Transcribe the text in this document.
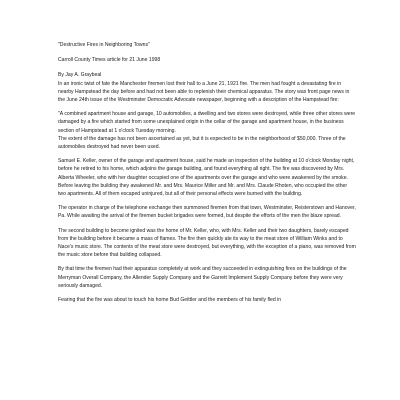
"Destructive Fires in Neighboring Towns"

Carroll County Times article for 21 June 1998

By Jay A. Graybeal

In an ironic twist of fate the Manchester firemen lost their hall to a June 21, 1921 fire. The men had fought a devastating fire in nearby Hampstead the day before and had not been able to replenish their chemical apparatus. The story was front page news in the June 24th issue of the Westminster Democratic Advocate newspaper, beginning with a description of the Hampstead fire:

"A combined apartment house and garage, 10 automobiles, a dwelling and two stores were destroyed, while three other stores were damaged by a fire which started from some unexplained origin in the cellar of the garage and apartment house, in the business section of Hampstead at 1 o'clock Tuesday morning.

The extent of the damage has not been ascertained as yet, but it is expected to be in the neighborhood of $50,000. Three of the automobiles destroyed had never been used.

Samuel E. Keller, owner of the garage and apartment house, said he made an inspection of the building at 10 o'clock Monday night, before he retired to his home, which adjoins the garage building, and found everything all right. The fire was discovered by Mrs. Alberta Wheeler, who with her daughter occupied one of the apartments over the garage and who were awakened by the smoke. Before leaving the building they awakened Mr. and Mrs. Maurice Miller and Mr. and Mrs. Claude Rhoten, who occupied the other two apartments. All of them escaped uninjured, but all of their personal effects were burned with the building.

The operator in charge of the telephone exchange then summoned firemen from that town, Westminster, Reisterstown and Hanover, Pa. While awaiting the arrival of the firemen bucket brigades were formed, but despite the efforts of the men the blaze spread.

The second building to become ignited was the home of Mr. Keller, who, with Mrs. Keller and their two daughters, barely escaped from the building before it became a mass of flames. The fire then quickly ate its way to the meat store of William Winks and to Nace's music store. The contents of the meat store were destroyed, but everything, with the exception of a piano, was removed from the music store before that building collapsed.

By that time the firemen had their apparatus completely at work and they succeeded in extinguishing fires on the buildings of the Merryman Overall Company, the Allender Supply Company and the Garrett Implement Supply Company before they were very seriously damaged.

Fearing that the fire was about to touch his home Bud Geittler and the members of his family fled in
